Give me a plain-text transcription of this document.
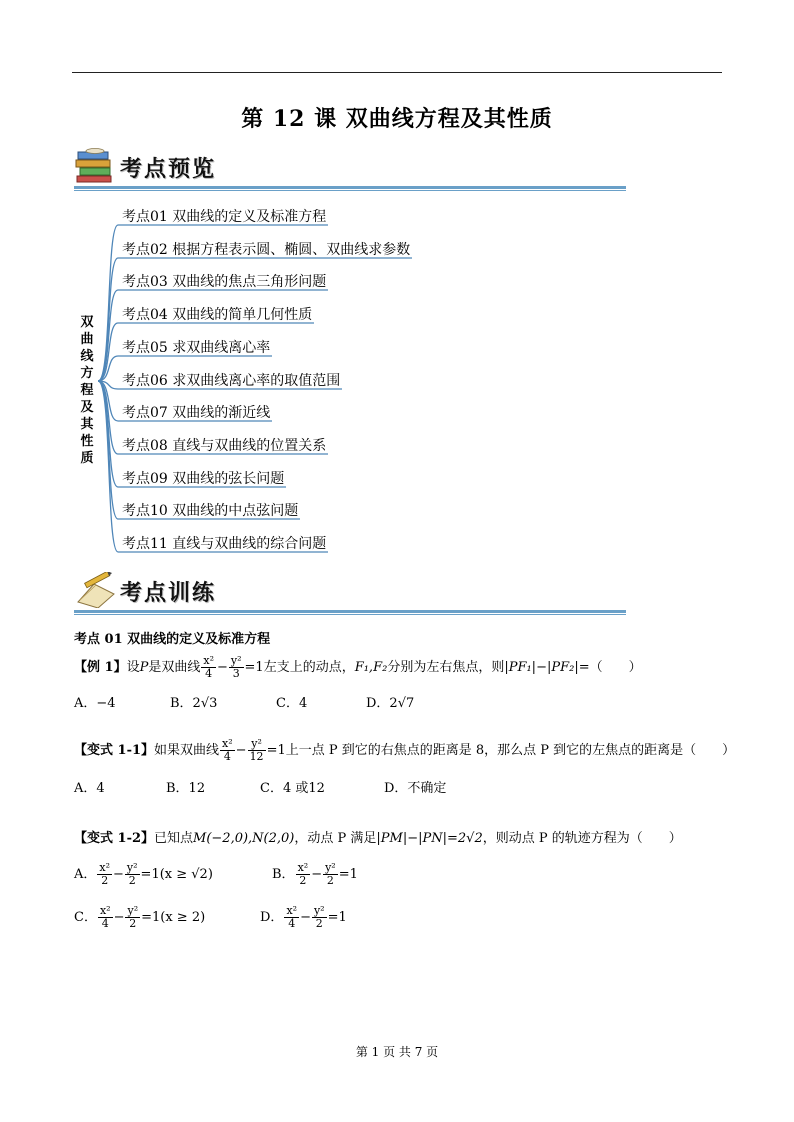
第 12 课 双曲线方程及其性质
考点预览
双
曲
线
方
程
及
其
性
质
考点01 双曲线的定义及标准方程
考点02 根据方程表示圆、椭圆、双曲线求参数
考点03 双曲线的焦点三角形问题
考点04 双曲线的简单几何性质
考点05 求双曲线离心率
考点06 求双曲线离心率的取值范围
考点07 双曲线的渐近线
考点08 直线与双曲线的位置关系
考点09 双曲线的弦长问题
考点10 双曲线的中点弦问题
考点11 直线与双曲线的综合问题
考点训练
考点 01 双曲线的定义及标准方程
【例 1】设P是双曲线 $\frac{\text{x²}}{4} - \frac{\text{y²}}{3} =1$左支上的动点，F₁,F₂分别为左右焦点，则|PF₁|−|PF₂|=（　　）
A．−4	B．2√3	C．4	D．2√7
【变式 1-1】如果双曲线 $\frac{\text{x²}}{4} - \frac{\text{y²}}{12} =1$上一点 P 到它的右焦点的距离是 8，那么点 P 到它的左焦点的距离是（　　）
A．4	B．12	C．4 或12	D．不确定
【变式 1-2】已知点M(−2,0),N(2,0)，动点 P 满足|PM|−|PN|=2√2，则动点 P 的轨迹方程为（　　）
A． $\frac{\text{x²}}{2} - \frac{\text{y²}}{2} =1(x \ge √2)$	B． $\frac{\text{x²}}{2} - \frac{\text{y²}}{2} =1$
C． $\frac{\text{x²}}{4} - \frac{\text{y²}}{2} =1(x \ge 2)$	D． $\frac{\text{x²}}{4} - \frac{\text{y²}}{2} =1$
第 1 页 共 7 页
